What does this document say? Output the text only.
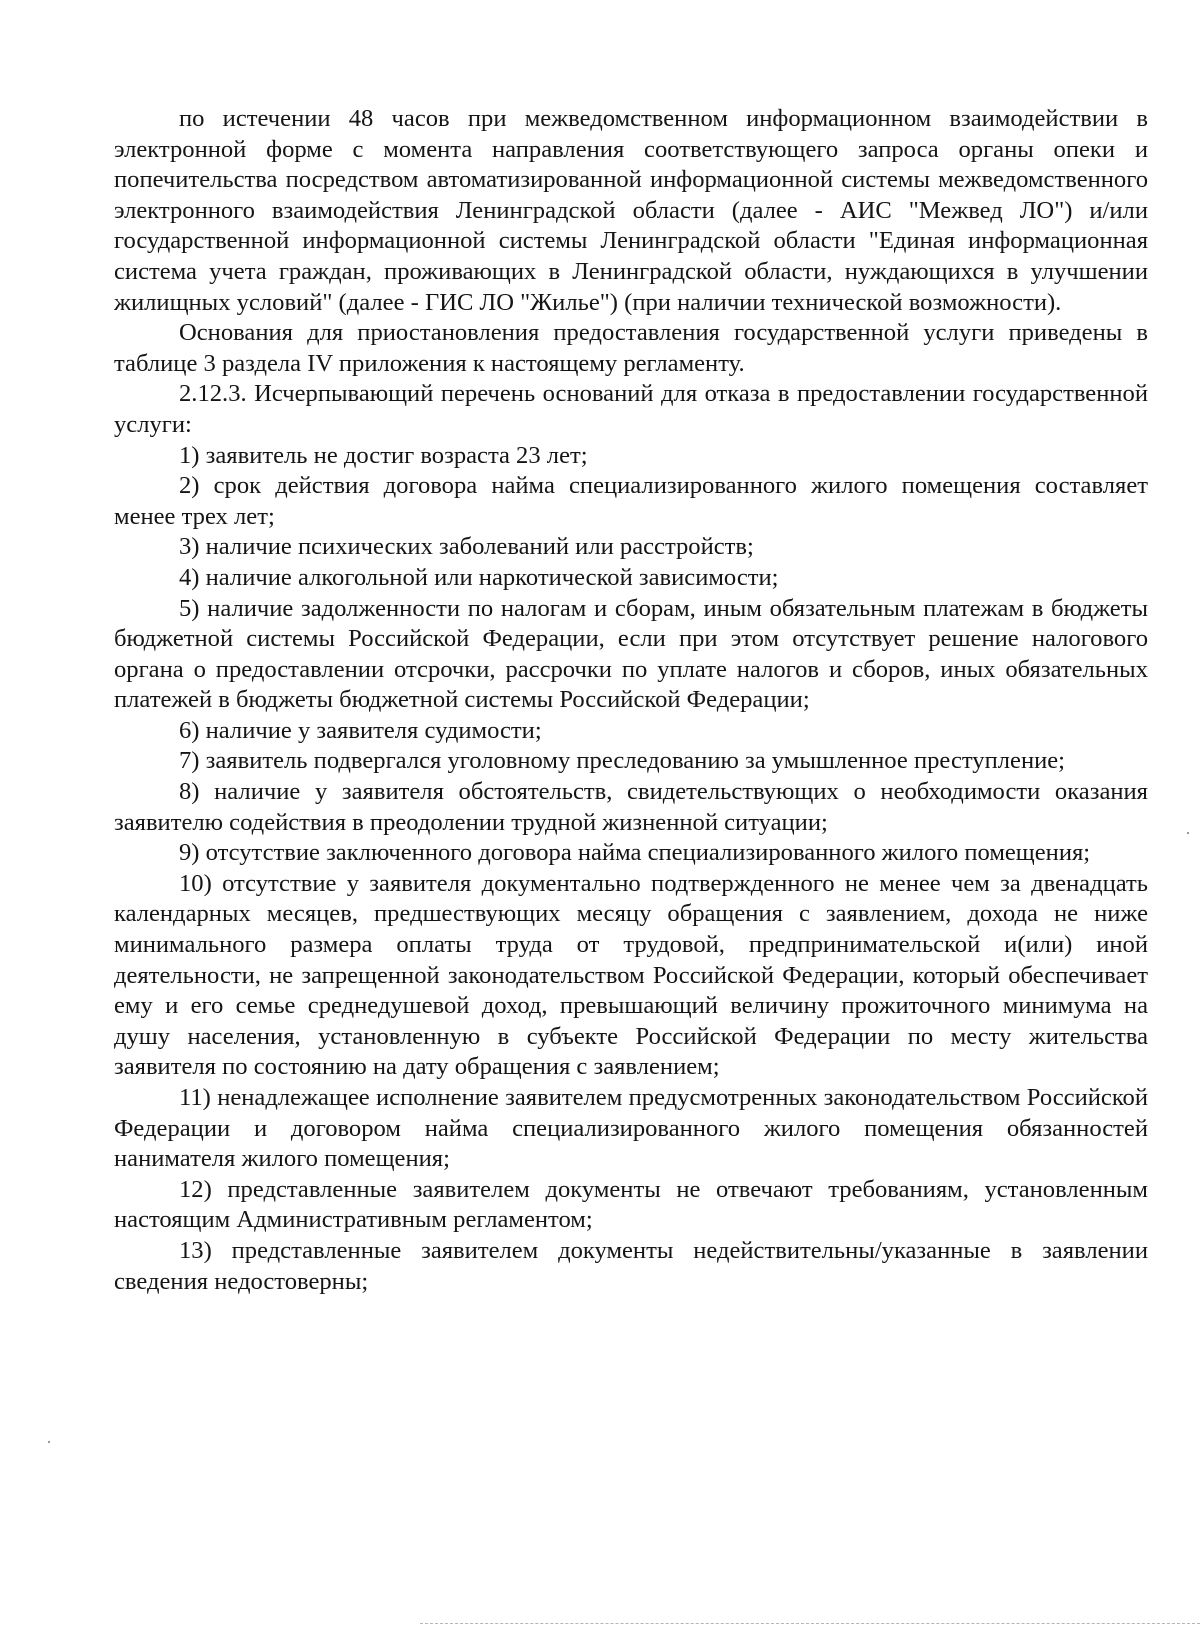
по истечении 48 часов при межведомственном информационном взаимодействии в электронной форме с момента направления соответствующего запроса органы опеки и попечительства посредством автоматизированной информационной системы межведомственного электронного взаимодействия Ленинградской области (далее - АИС "Межвед ЛО") и/или государственной информационной системы Ленинградской области "Единая информационная система учета граждан, проживающих в Ленинградской области, нуждающихся в улучшении жилищных условий" (далее - ГИС ЛО "Жилье") (при наличии технической возможности).

Основания для приостановления предоставления государственной услуги приведены в таблице 3 раздела IV приложения к настоящему регламенту.

2.12.3. Исчерпывающий перечень оснований для отказа в предоставлении государственной услуги:

1) заявитель не достиг возраста 23 лет;

2) срок действия договора найма специализированного жилого помещения составляет менее трех лет;

3) наличие психических заболеваний или расстройств;

4) наличие алкогольной или наркотической зависимости;

5) наличие задолженности по налогам и сборам, иным обязательным платежам в бюджеты бюджетной системы Российской Федерации, если при этом отсутствует решение налогового органа о предоставлении отсрочки, рассрочки по уплате налогов и сборов, иных обязательных платежей в бюджеты бюджетной системы Российской Федерации;

6) наличие у заявителя судимости;

7) заявитель подвергался уголовному преследованию за умышленное преступление;

8) наличие у заявителя обстоятельств, свидетельствующих о необходимости оказания заявителю содействия в преодолении трудной жизненной ситуации;

9) отсутствие заключенного договора найма специализированного жилого помещения;

10) отсутствие у заявителя документально подтвержденного не менее чем за двенадцать календарных месяцев, предшествующих месяцу обращения с заявлением, дохода не ниже минимального размера оплаты труда от трудовой, предпринимательской и(или) иной деятельности, не запрещенной законодательством Российской Федерации, который обеспечивает ему и его семье среднедушевой доход, превышающий величину прожиточного минимума на душу населения, установленную в субъекте Российской Федерации по месту жительства заявителя по состоянию на дату обращения с заявлением;

11) ненадлежащее исполнение заявителем предусмотренных законодательством Российской Федерации и договором найма специализированного жилого помещения обязанностей нанимателя жилого помещения;

12) представленные заявителем документы не отвечают требованиям, установленным настоящим Административным регламентом;

13) представленные заявителем документы недействительны/указанные в заявлении сведения недостоверны;
